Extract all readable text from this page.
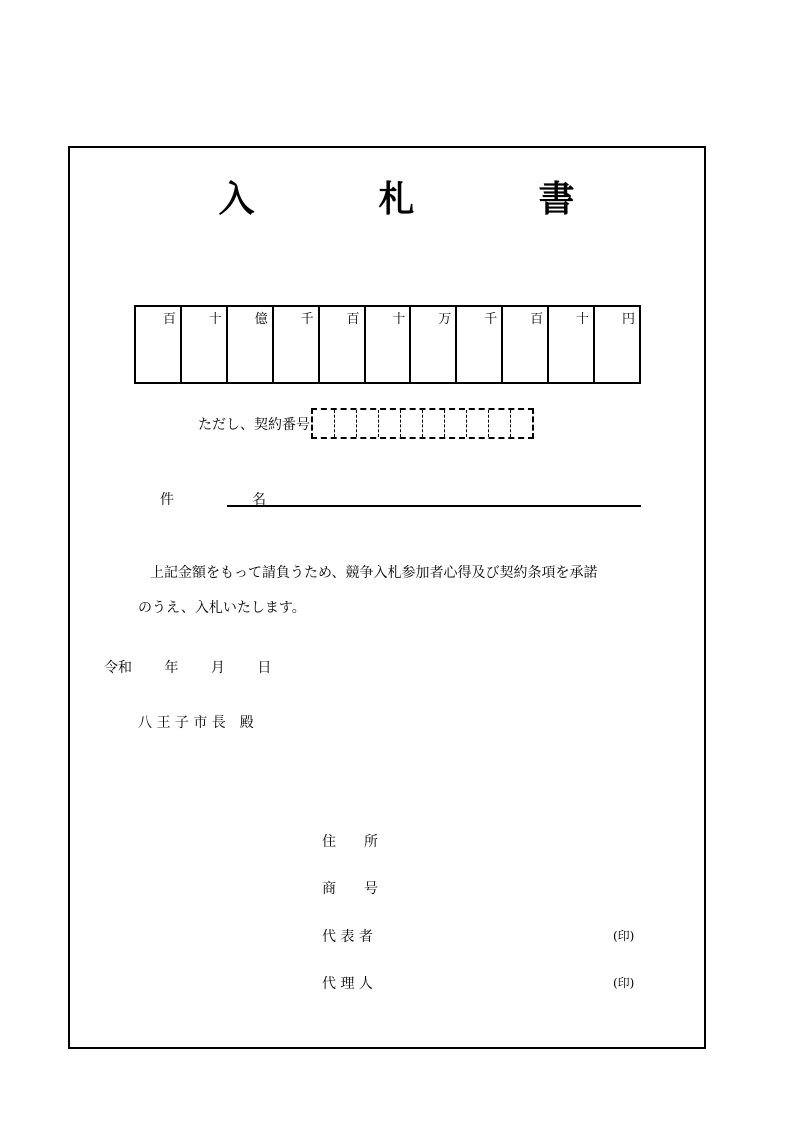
入　札　書
百	十	億	千	百	十	万	千	百	十	円
ただし、契約番号
件　名
上記金額をもって請負うため、競争入札参加者心得及び契約条項を承諾
のうえ、入札いたします。
令和 年 月 日
八 王 子 市 長　殿
住　　所
商　　号
代 表 者	(印)
代 理 人	(印)
